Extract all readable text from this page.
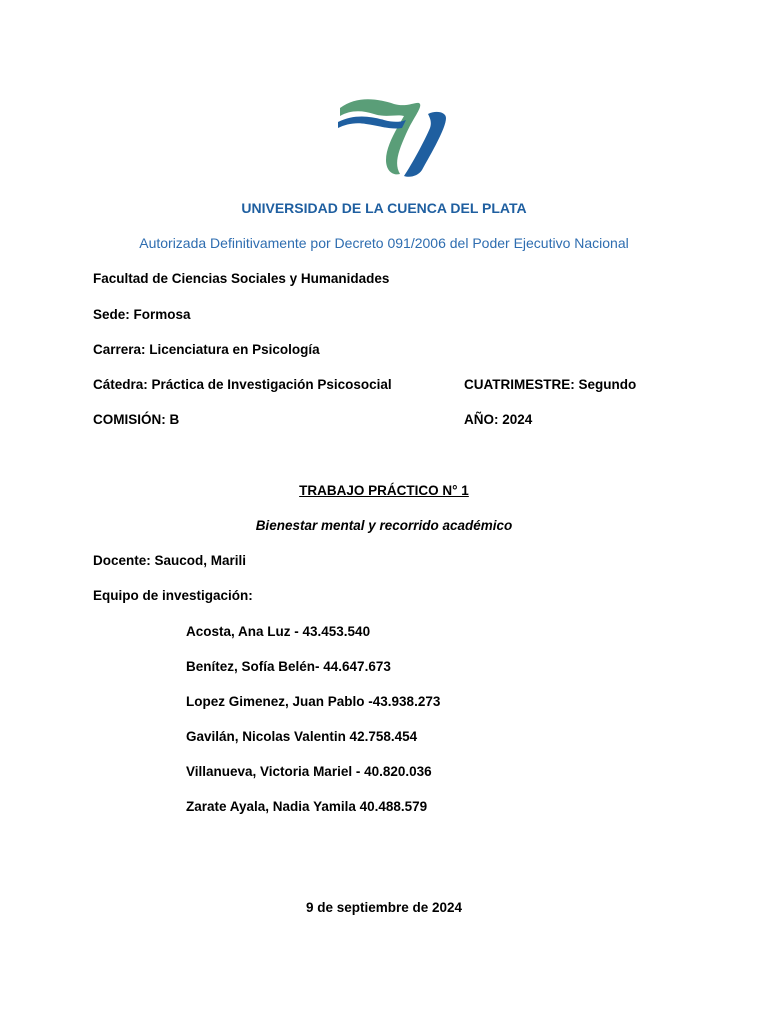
UNIVERSIDAD DE LA CUENCA DEL PLATA
Autorizada Definitivamente por Decreto 091/2006 del Poder Ejecutivo Nacional
Facultad de Ciencias Sociales y Humanidades
Sede: Formosa
Carrera: Licenciatura en Psicología
Cátedra: Práctica de Investigación Psicosocial	CUATRIMESTRE: Segundo
COMISIÓN: B	AÑO: 2024
TRABAJO PRÁCTICO N° 1
Bienestar mental y recorrido académico
Docente: Saucod, Marili
Equipo de investigación:
Acosta, Ana Luz - 43.453.540
Benítez, Sofía Belén- 44.647.673
Lopez Gimenez, Juan Pablo -43.938.273
Gavilán, Nicolas Valentin 42.758.454
Villanueva, Victoria Mariel - 40.820.036
Zarate Ayala, Nadia Yamila 40.488.579
9 de septiembre de 2024
